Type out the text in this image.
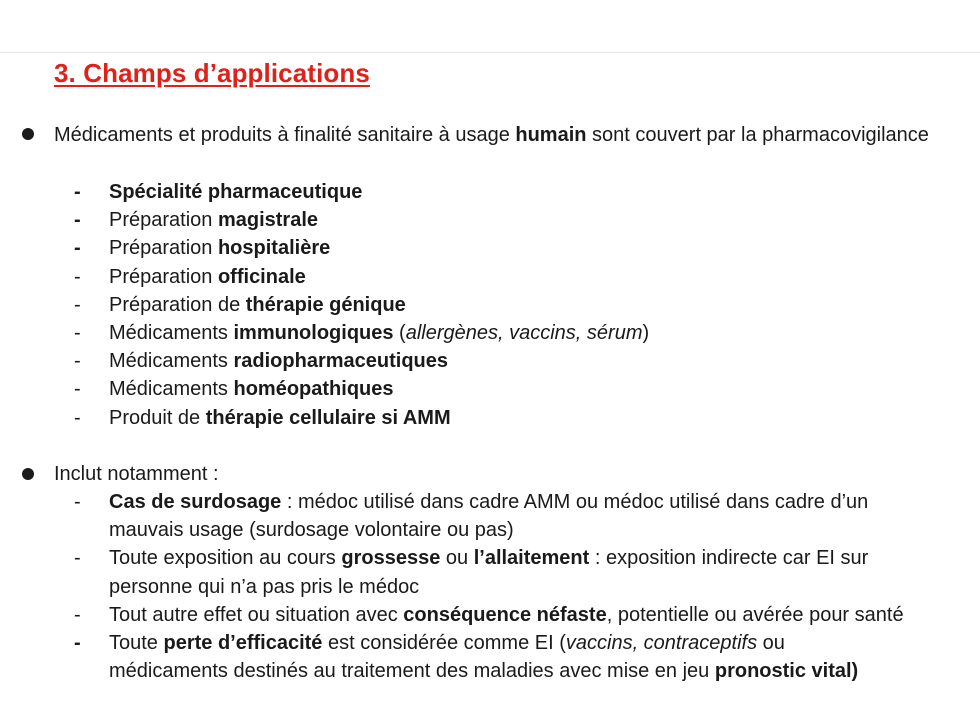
3. Champs d’applications

Médicaments et produits à finalité sanitaire à usage humain sont couvert par la pharmacovigilance

- Spécialité pharmaceutique
- Préparation magistrale
- Préparation hospitalière
- Préparation officinale
- Préparation de thérapie génique
- Médicaments immunologiques (allergènes, vaccins, sérum)
- Médicaments radiopharmaceutiques
- Médicaments homéopathiques
- Produit de thérapie cellulaire si AMM

Inclut notamment :

- Cas de surdosage : médoc utilisé dans cadre AMM ou médoc utilisé dans cadre d’un mauvais usage (surdosage volontaire ou pas)
- Toute exposition au cours grossesse ou l’allaitement : exposition indirecte car EI sur personne qui n’a pas pris le médoc
- Tout autre effet ou situation avec conséquence néfaste, potentielle ou avérée pour santé
- Toute perte d’efficacité est considérée comme EI (vaccins, contraceptifs ou médicaments destinés au traitement des maladies avec mise en jeu pronostic vital)
